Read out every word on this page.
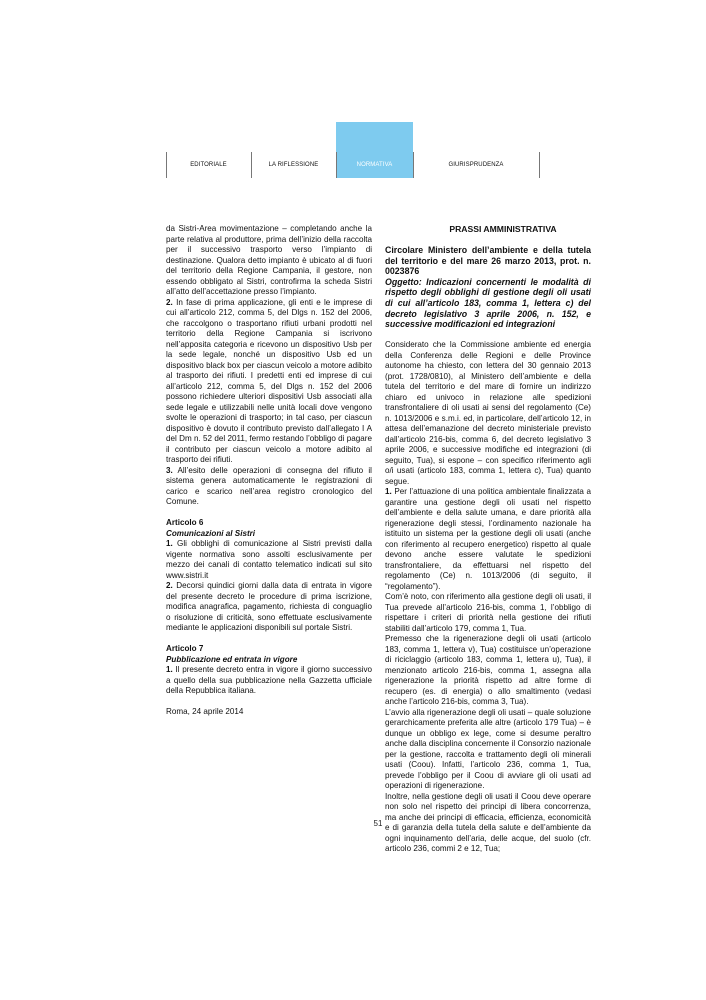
EDITORIALE	LA RIFLESSIONE	NORMATIVA	GIURISPRUDENZA

da Sistri-Area movimentazione – completando anche la parte relativa al produttore, prima dell’inizio della raccolta per il successivo trasporto verso l’impianto di destinazione. Qualora detto impianto è ubicato al di fuori del territorio della Regione Campania, il gestore, non essendo obbligato al Sistri, controfirma la scheda Sistri all’atto dell’accettazione presso l’impianto.

2. In fase di prima applicazione, gli enti e le imprese di cui all’articolo 212, comma 5, del Dlgs n. 152 del 2006, che raccolgono o trasportano rifiuti urbani prodotti nel territorio della Regione Campania si iscrivono nell’apposita categoria e ricevono un dispositivo Usb per la sede legale, nonché un dispositivo Usb ed un dispositivo black box per ciascun veicolo a motore adibito al trasporto dei rifiuti. I predetti enti ed imprese di cui all’articolo 212, comma 5, del Dlgs n. 152 del 2006 possono richiedere ulteriori dispositivi Usb associati alla sede legale e utilizzabili nelle unità locali dove vengono svolte le operazioni di trasporto; in tal caso, per ciascun dispositivo è dovuto il contributo previsto dall’allegato I A del Dm n. 52 del 2011, fermo restando l’obbligo di pagare il contributo per ciascun veicolo a motore adibito al trasporto dei rifiuti.

3. All’esito delle operazioni di consegna del rifiuto il sistema genera automaticamente le registrazioni di carico e scarico nell’area registro cronologico del Comune.

Articolo 6

Comunicazioni al Sistri

1. Gli obblighi di comunicazione al Sistri previsti dalla vigente normativa sono assolti esclusivamente per mezzo dei canali di contatto telematico indicati sul sito www.sistri.it

2. Decorsi quindici giorni dalla data di entrata in vigore del presente decreto le procedure di prima iscrizione, modifica anagrafica, pagamento, richiesta di conguaglio o risoluzione di criticità, sono effettuate esclusivamente mediante le applicazioni disponibili sul portale Sistri.

Articolo 7

Pubblicazione ed entrata in vigore

1. Il presente decreto entra in vigore il giorno successivo a quello della sua pubblicazione nella Gazzetta ufficiale della Repubblica italiana.

Roma, 24 aprile 2014

PRASSI AMMINISTRATIVA

Circolare Ministero dell’ambiente e della tutela del territorio e del mare 26 marzo 2013, prot. n. 0023876

Oggetto: Indicazioni concernenti le modalità di rispetto degli obblighi di gestione degli oli usati di cui all’articolo 183, comma 1, lettera c) del decreto legislativo 3 aprile 2006, n. 152, e successive modificazioni ed integrazioni

Considerato che la Commissione ambiente ed energia della Conferenza delle Regioni e delle Province autonome ha chiesto, con lettera del 30 gennaio 2013 (prot. 1728/0810), al Ministero dell’ambiente e della tutela del territorio e del mare di fornire un indirizzo chiaro ed univoco in relazione alle spedizioni transfrontaliere di oli usati ai sensi del regolamento (Ce) n. 1013/2006 e s.m.i. ed, in particolare, dell’articolo 12, in attesa dell’emanazione del decreto ministeriale previsto dall’articolo 216-bis, comma 6, del decreto legislativo 3 aprile 2006, e successive modifiche ed integrazioni (di seguito, Tua), si espone – con specifico riferimento agli o/i usati (articolo 183, comma 1, lettera c), Tua) quanto segue.

1. Per l’attuazione di una politica ambientale finalizzata a garantire una gestione degli oli usati nel rispetto dell’ambiente e della salute umana, e dare priorità alla rigenerazione degli stessi, l’ordinamento nazionale ha istituito un sistema per la gestione degli oli usati (anche con riferimento al recupero energetico) rispetto al quale devono anche essere valutate le spedizioni transfrontaliere, da effettuarsi nel rispetto del regolamento (Ce) n. 1013/2006 (di seguito, il “regolamento”).

Com’è noto, con riferimento alla gestione degli oli usati, il Tua prevede all’articolo 216-bis, comma 1, l’obbligo di rispettare i criteri di priorità nella gestione dei rifiuti stabiliti dall’articolo 179, comma 1, Tua.

Premesso che la rigenerazione degli oli usati (articolo 183, comma 1, lettera v), Tua) costituisce un’operazione di riciclaggio (articolo 183, comma 1, lettera u), Tua), il menzionato articolo 216-bis, comma 1, assegna alla rigenerazione la priorità rispetto ad altre forme di recupero (es. di energia) o allo smaltimento (vedasi anche l’articolo 216-bis, comma 3, Tua).

L’avvio alla rigenerazione degli oli usati – quale soluzione gerarchicamente preferita alle altre (articolo 179 Tua) – è dunque un obbligo ex lege, come si desume peraltro anche dalla disciplina concernente il Consorzio nazionale per la gestione, raccolta e trattamento degli oli minerali usati (Coou). Infatti, l’articolo 236, comma 1, Tua, prevede l’obbligo per il Coou di avviare gli oli usati ad operazioni di rigenerazione.

Inoltre, nella gestione degli oli usati il Coou deve operare non solo nel rispetto dei principi di libera concorrenza, ma anche dei principi di efficacia, efficienza, economicità e di garanzia della tutela della salute e dell’ambiente da ogni inquinamento dell’aria, delle acque, del suolo (cfr. articolo 236, commi 2 e 12, Tua;

51
